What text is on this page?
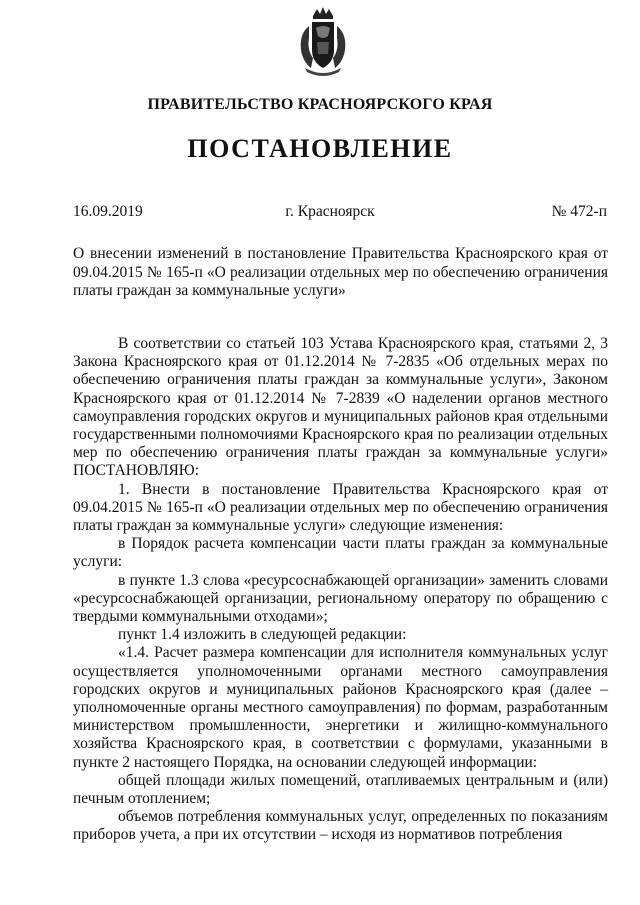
ПРАВИТЕЛЬСТВО КРАСНОЯРСКОГО КРАЯ
ПОСТАНОВЛЕНИЕ
16.09.2019	г. Красноярск	№ 472-п
О внесении изменений в постановление Правительства Красноярского края от 09.04.2015 № 165-п «О реализации отдельных мер по обеспечению ограничения платы граждан за коммунальные услуги»

В соответствии со статьей 103 Устава Красноярского края, статьями 2, 3 Закона Красноярского края от 01.12.2014 № 7-2835 «Об отдельных мерах по обеспечению ограничения платы граждан за коммунальные услуги», Законом Красноярского края от 01.12.2014 № 7-2839 «О наделении органов местного самоуправления городских округов и муниципальных районов края отдельными государственными полномочиями Красноярского края по реализации отдельных мер по обеспечению ограничения платы граждан за коммунальные услуги» ПОСТАНОВЛЯЮ:

1. Внести в постановление Правительства Красноярского края от 09.04.2015 № 165-п «О реализации отдельных мер по обеспечению ограничения платы граждан за коммунальные услуги» следующие изменения:

в Порядок расчета компенсации части платы граждан за коммунальные услуги:

в пункте 1.3 слова «ресурсоснабжающей организации» заменить словами «ресурсоснабжающей организации, региональному оператору по обращению с твердыми коммунальными отходами»;

пункт 1.4 изложить в следующей редакции:

«1.4. Расчет размера компенсации для исполнителя коммунальных услуг осуществляется уполномоченными органами местного самоуправления городских округов и муниципальных районов Красноярского края (далее – уполномоченные органы местного самоуправления) по формам, разработанным министерством промышленности, энергетики и жилищно-коммунального хозяйства Красноярского края, в соответствии с формулами, указанными в пункте 2 настоящего Порядка, на основании следующей информации:

общей площади жилых помещений, отапливаемых центральным и (или) печным отоплением;

объемов потребления коммунальных услуг, определенных по показаниям приборов учета, а при их отсутствии – исходя из нормативов потребления
